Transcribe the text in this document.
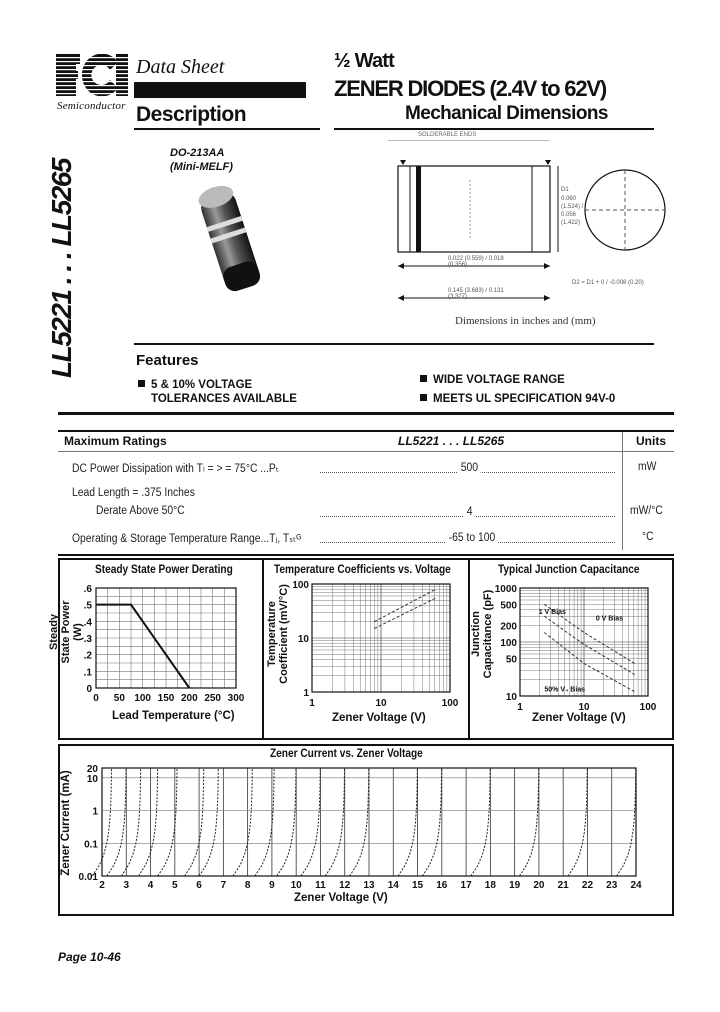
Semiconductor
Data Sheet
Description
½ Watt
ZENER DIODES (2.4V to 62V)
Mechanical Dimensions
LL5221 . . . LL5265
DO-213AA
(Mini-MELF)
SOLDERABLE ENDS
D1
0.060 (1.524) / 0.056 (1.422)
0.022 (0.559) / 0.018 (0.356)
0.145 (3.683) / 0.131 (3.327)
D2 = D1 + 0 / -0.008 (0.20)
Dimensions in inches and (mm)
Features
5 & 10% VOLTAGE
TOLERANCES AVAILABLE
WIDE VOLTAGE RANGE
MEETS UL SPECIFICATION 94V-0
Maximum Ratings	LL5221 . . . LL5265	Units
DC Power Dissipation with Tₗ = > = 75°C ...Pₜ	500	mW
Lead Length = .375 Inches
Derate Above 50°C	4	mW/°C
Operating & Storage Temperature Range...Tⱼ, Tₛₜᴳ	-65 to 100	°C
Steady State Power Derating
0 50 100 150 200 250 300
.6
.5
.4
.3
.2
.1
0
Lead Temperature (°C)
Steady State Power (W)
Temperature Coefficients vs. Voltage
1	10	100
100
10
1
Zener Voltage (V)
Temperature Coefficient (mV/°C)
Typical Junction Capacitance
1	10	100
1000
500
200
100
50
10
1 V Bias
0 V Bias
50% V₄ Bias
Zener Voltage (V)
Junction Capacitance (pF)
Zener Current vs. Zener Voltage
2 3 4 5 6 7 8 9 10 11 12 13 14 15 16 17 18 19 20 21 22 23 24
20
10
1
0.1
0.01
Zener Voltage (V)
Zener Current (mA)
Page 10-46
